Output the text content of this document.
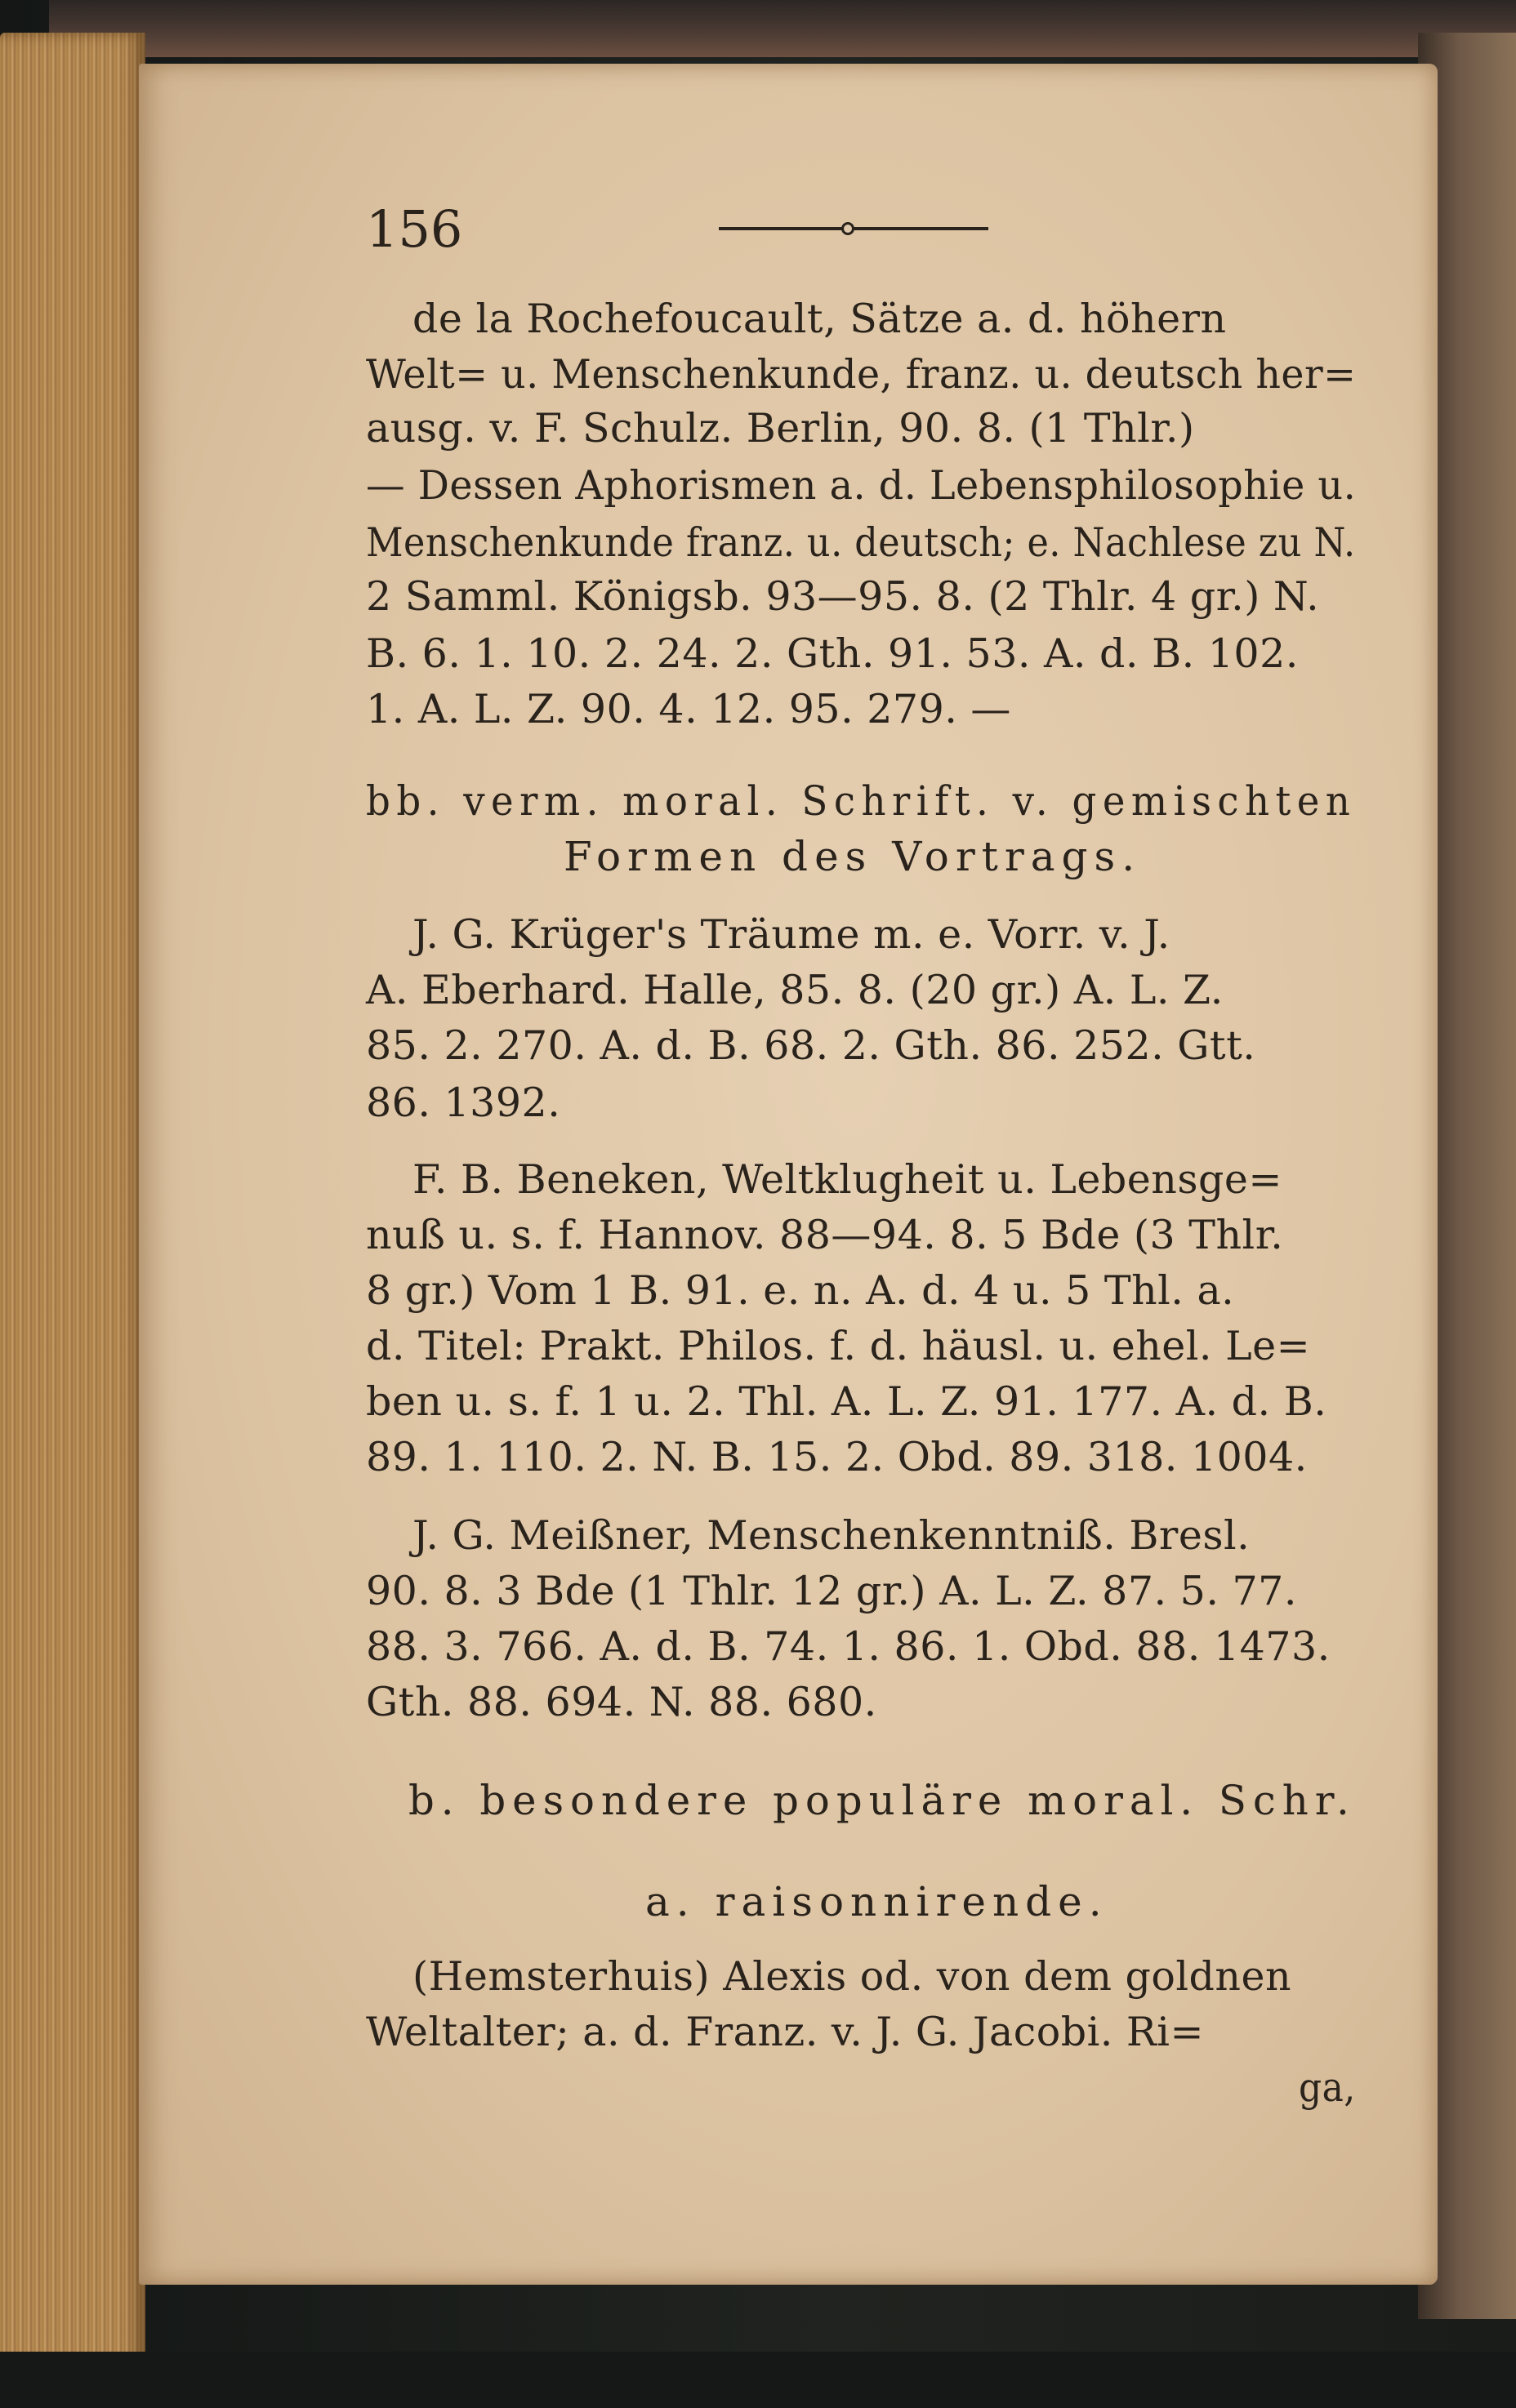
156
de la Rochefoucault, Sätze a. d. höhern
Welt= u. Menschenkunde, franz. u. deutsch her=
ausg. v. F. Schulz. Berlin, 90. 8. (1 Thlr.)
— Dessen Aphorismen a. d. Lebensphilosophie u.
Menschenkunde franz. u. deutsch; e. Nachlese zu N.
2 Samml. Königsb. 93—95. 8. (2 Thlr. 4 gr.) N.
B. 6. 1. 10. 2. 24. 2. Gth. 91. 53. A. d. B. 102.
1. A. L. Z. 90. 4. 12. 95. 279. —
bb. verm. moral. Schrift. v. gemischten
Formen des Vortrags.
J. G. Krüger's Träume m. e. Vorr. v. J.
A. Eberhard. Halle, 85. 8. (20 gr.) A. L. Z.
85. 2. 270. A. d. B. 68. 2. Gth. 86. 252. Gtt.
86. 1392.
F. B. Beneken, Weltklugheit u. Lebensge=
nuß u. s. f. Hannov. 88—94. 8. 5 Bde (3 Thlr.
8 gr.) Vom 1 B. 91. e. n. A. d. 4 u. 5 Thl. a.
d. Titel: Prakt. Philos. f. d. häusl. u. ehel. Le=
ben u. s. f. 1 u. 2. Thl. A. L. Z. 91. 177. A. d. B.
89. 1. 110. 2. N. B. 15. 2. Obd. 89. 318. 1004.
J. G. Meißner, Menschenkenntniß. Bresl.
90. 8. 3 Bde (1 Thlr. 12 gr.) A. L. Z. 87. 5. 77.
88. 3. 766. A. d. B. 74. 1. 86. 1. Obd. 88. 1473.
Gth. 88. 694. N. 88. 680.
b. besondere populäre moral. Schr.
a. raisonnirende.
(Hemsterhuis) Alexis od. von dem goldnen
Weltalter; a. d. Franz. v. J. G. Jacobi. Ri=
ga,
